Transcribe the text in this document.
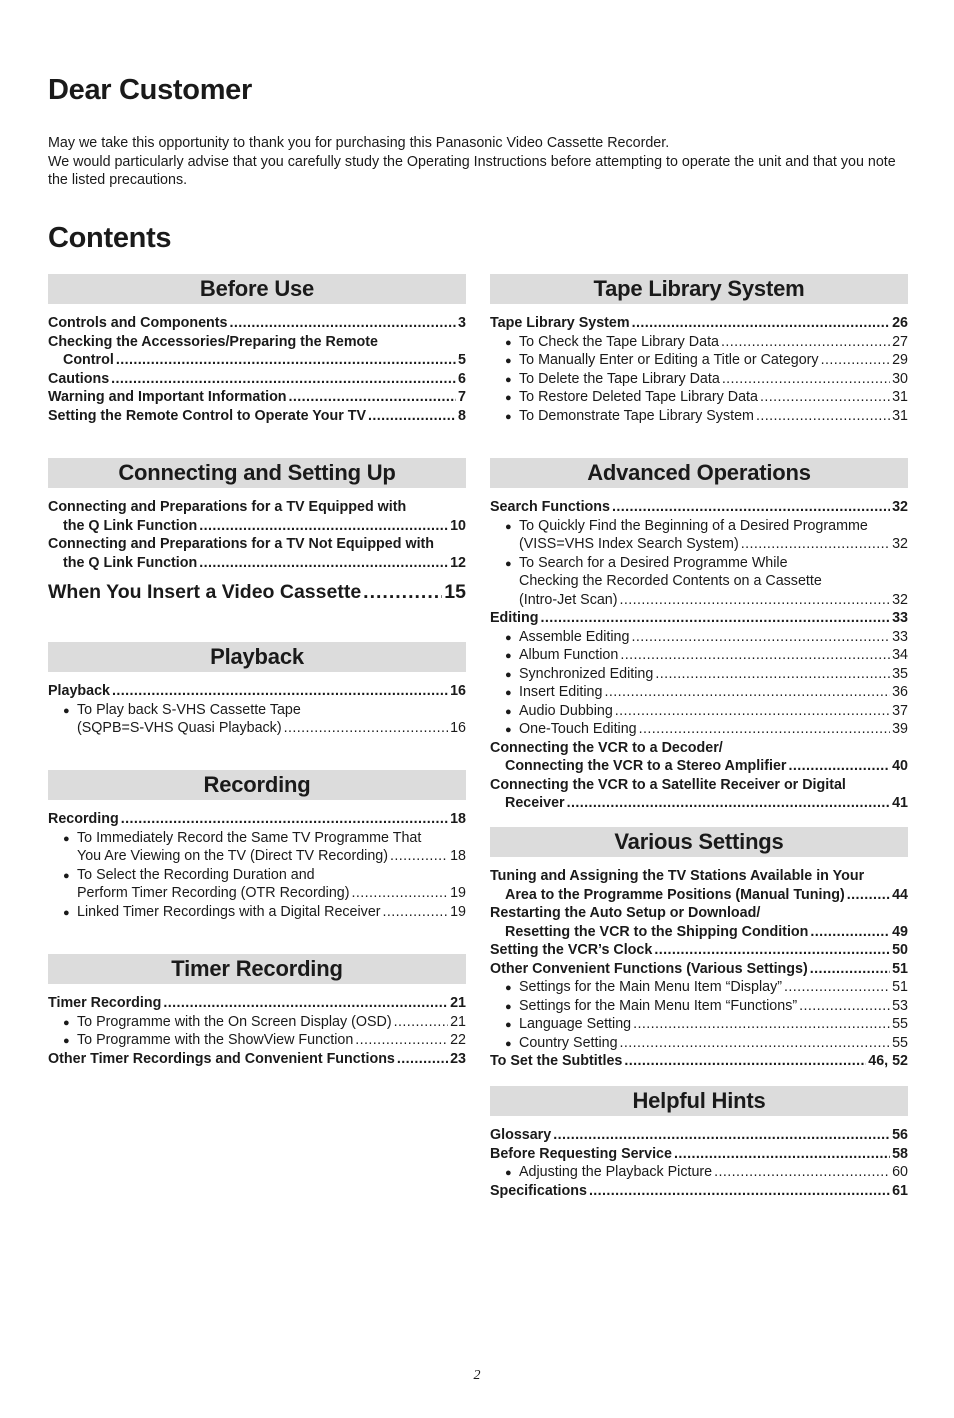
Dear Customer
May we take this opportunity to thank you for purchasing this Panasonic Video Cassette Recorder.
We would particularly advise that you carefully study the Operating Instructions before attempting to operate the unit and that you note the listed precautions.
Contents
Before Use
Controls and Components .....	3
Checking the Accessories/Preparing the Remote
Control .....	5
Cautions .....	6
Warning and Important Information .....	7
Setting the Remote Control to Operate Your TV .....	8
Connecting and Setting Up
Connecting and Preparations for a TV Equipped with
the Q Link Function .....	10
Connecting and Preparations for a TV Not Equipped with
the Q Link Function .....	12
When You Insert a Video Cassette .....	15
Playback
Playback .....	16
● To Play back S-VHS Cassette Tape
(SQPB=S-VHS Quasi Playback) .....	16
Recording
Recording .....	18
● To Immediately Record the Same TV Programme That
You Are Viewing on the TV (Direct TV Recording) .....	18
● To Select the Recording Duration and
Perform Timer Recording (OTR Recording) .....	19
● Linked Timer Recordings with a Digital Receiver .....	19
Timer Recording
Timer Recording .....	21
● To Programme with the On Screen Display (OSD) .....	21
● To Programme with the ShowView Function .....	22
Other Timer Recordings and Convenient Functions .....	23
Tape Library System
Tape Library System .....	26
● To Check the Tape Library Data .....	27
● To Manually Enter or Editing a Title or Category .....	29
● To Delete the Tape Library Data .....	30
● To Restore Deleted Tape Library Data .....	31
● To Demonstrate Tape Library System .....	31
Advanced Operations
Search Functions .....	32
● To Quickly Find the Beginning of a Desired Programme
(VISS=VHS Index Search System) .....	32
● To Search for a Desired Programme While
Checking the Recorded Contents on a Cassette
(Intro-Jet Scan) .....	32
Editing .....	33
● Assemble Editing .....	33
● Album Function .....	34
● Synchronized Editing .....	35
● Insert Editing .....	36
● Audio Dubbing .....	37
● One-Touch Editing .....	39
Connecting the VCR to a Decoder/
Connecting the VCR to a Stereo Amplifier .....	40
Connecting the VCR to a Satellite Receiver or Digital
Receiver .....	41
Various Settings
Tuning and Assigning the TV Stations Available in Your
Area to the Programme Positions (Manual Tuning) .....	44
Restarting the Auto Setup or Download/
Resetting the VCR to the Shipping Condition .....	49
Setting the VCR’s Clock .....	50
Other Convenient Functions (Various Settings) .....	51
● Settings for the Main Menu Item “Display” .....	51
● Settings for the Main Menu Item “Functions” .....	53
● Language Setting .....	55
● Country Setting .....	55
To Set the Subtitles .....	46, 52
Helpful Hints
Glossary .....	56
Before Requesting Service .....	58
● Adjusting the Playback Picture .....	60
Specifications .....	61
2
